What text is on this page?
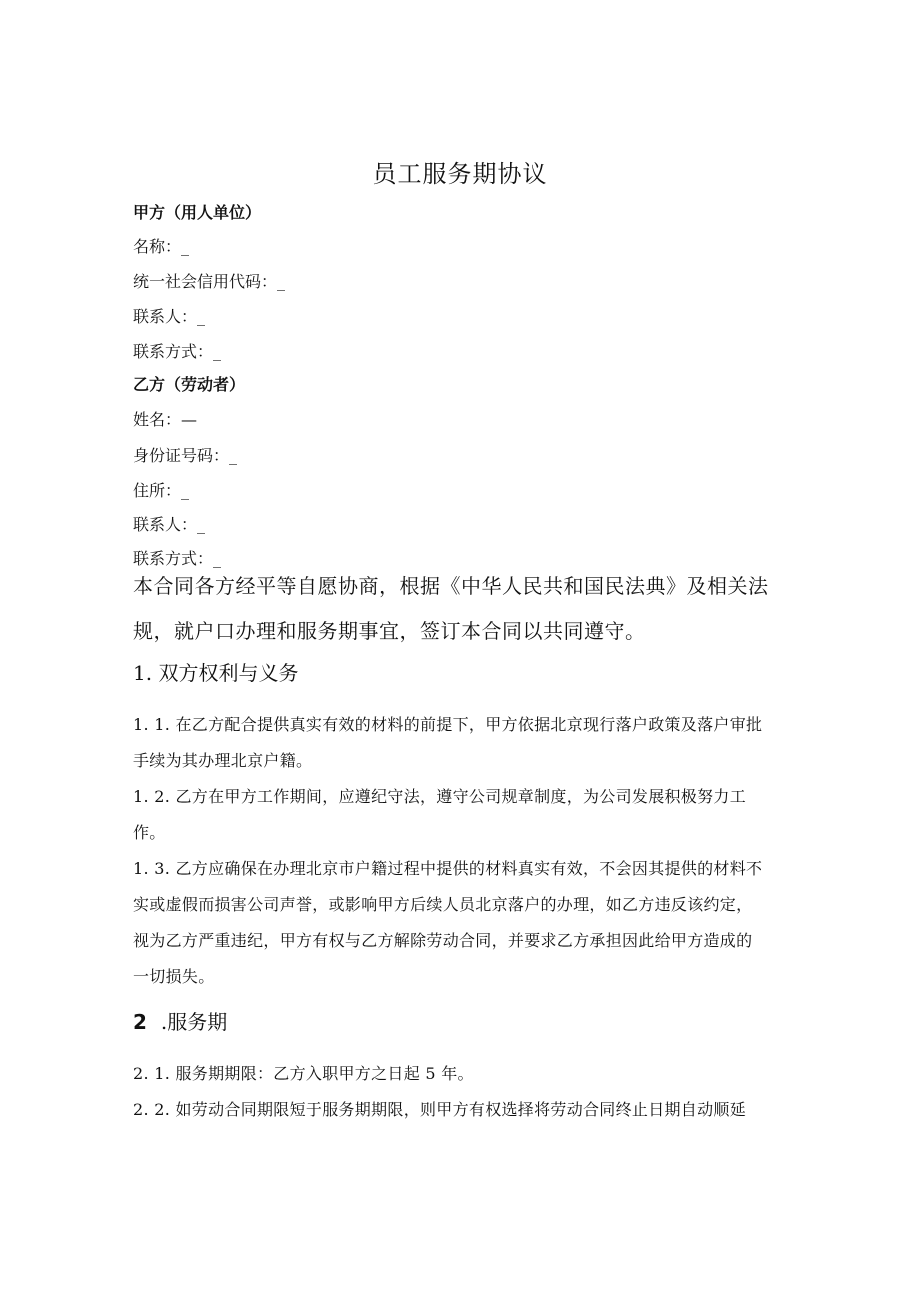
员工服务期协议
甲方（用人单位）
名称：_
统一社会信用代码：_
联系人：_
联系方式：_
乙方（劳动者）
姓名：—
身份证号码：_
住所：_
联系人：_
联系方式：_
本合同各方经平等自愿协商，根据《中华人民共和国民法典》及相关法
规，就户口办理和服务期事宜，签订本合同以共同遵守。
1. 双方权利与义务
1. 1. 在乙方配合提供真实有效的材料的前提下，甲方依据北京现行落户政策及落户审批
手续为其办理北京户籍。
1. 2. 乙方在甲方工作期间，应遵纪守法，遵守公司规章制度，为公司发展积极努力工
作。
1. 3. 乙方应确保在办理北京市户籍过程中提供的材料真实有效，不会因其提供的材料不
实或虚假而损害公司声誉，或影响甲方后续人员北京落户的办理，如乙方违反该约定，
视为乙方严重违纪，甲方有权与乙方解除劳动合同，并要求乙方承担因此给甲方造成的
一切损失。
2 .服务期
2. 1. 服务期期限：乙方入职甲方之日起 5 年。
2. 2. 如劳动合同期限短于服务期期限，则甲方有权选择将劳动合同终止日期自动顺延
